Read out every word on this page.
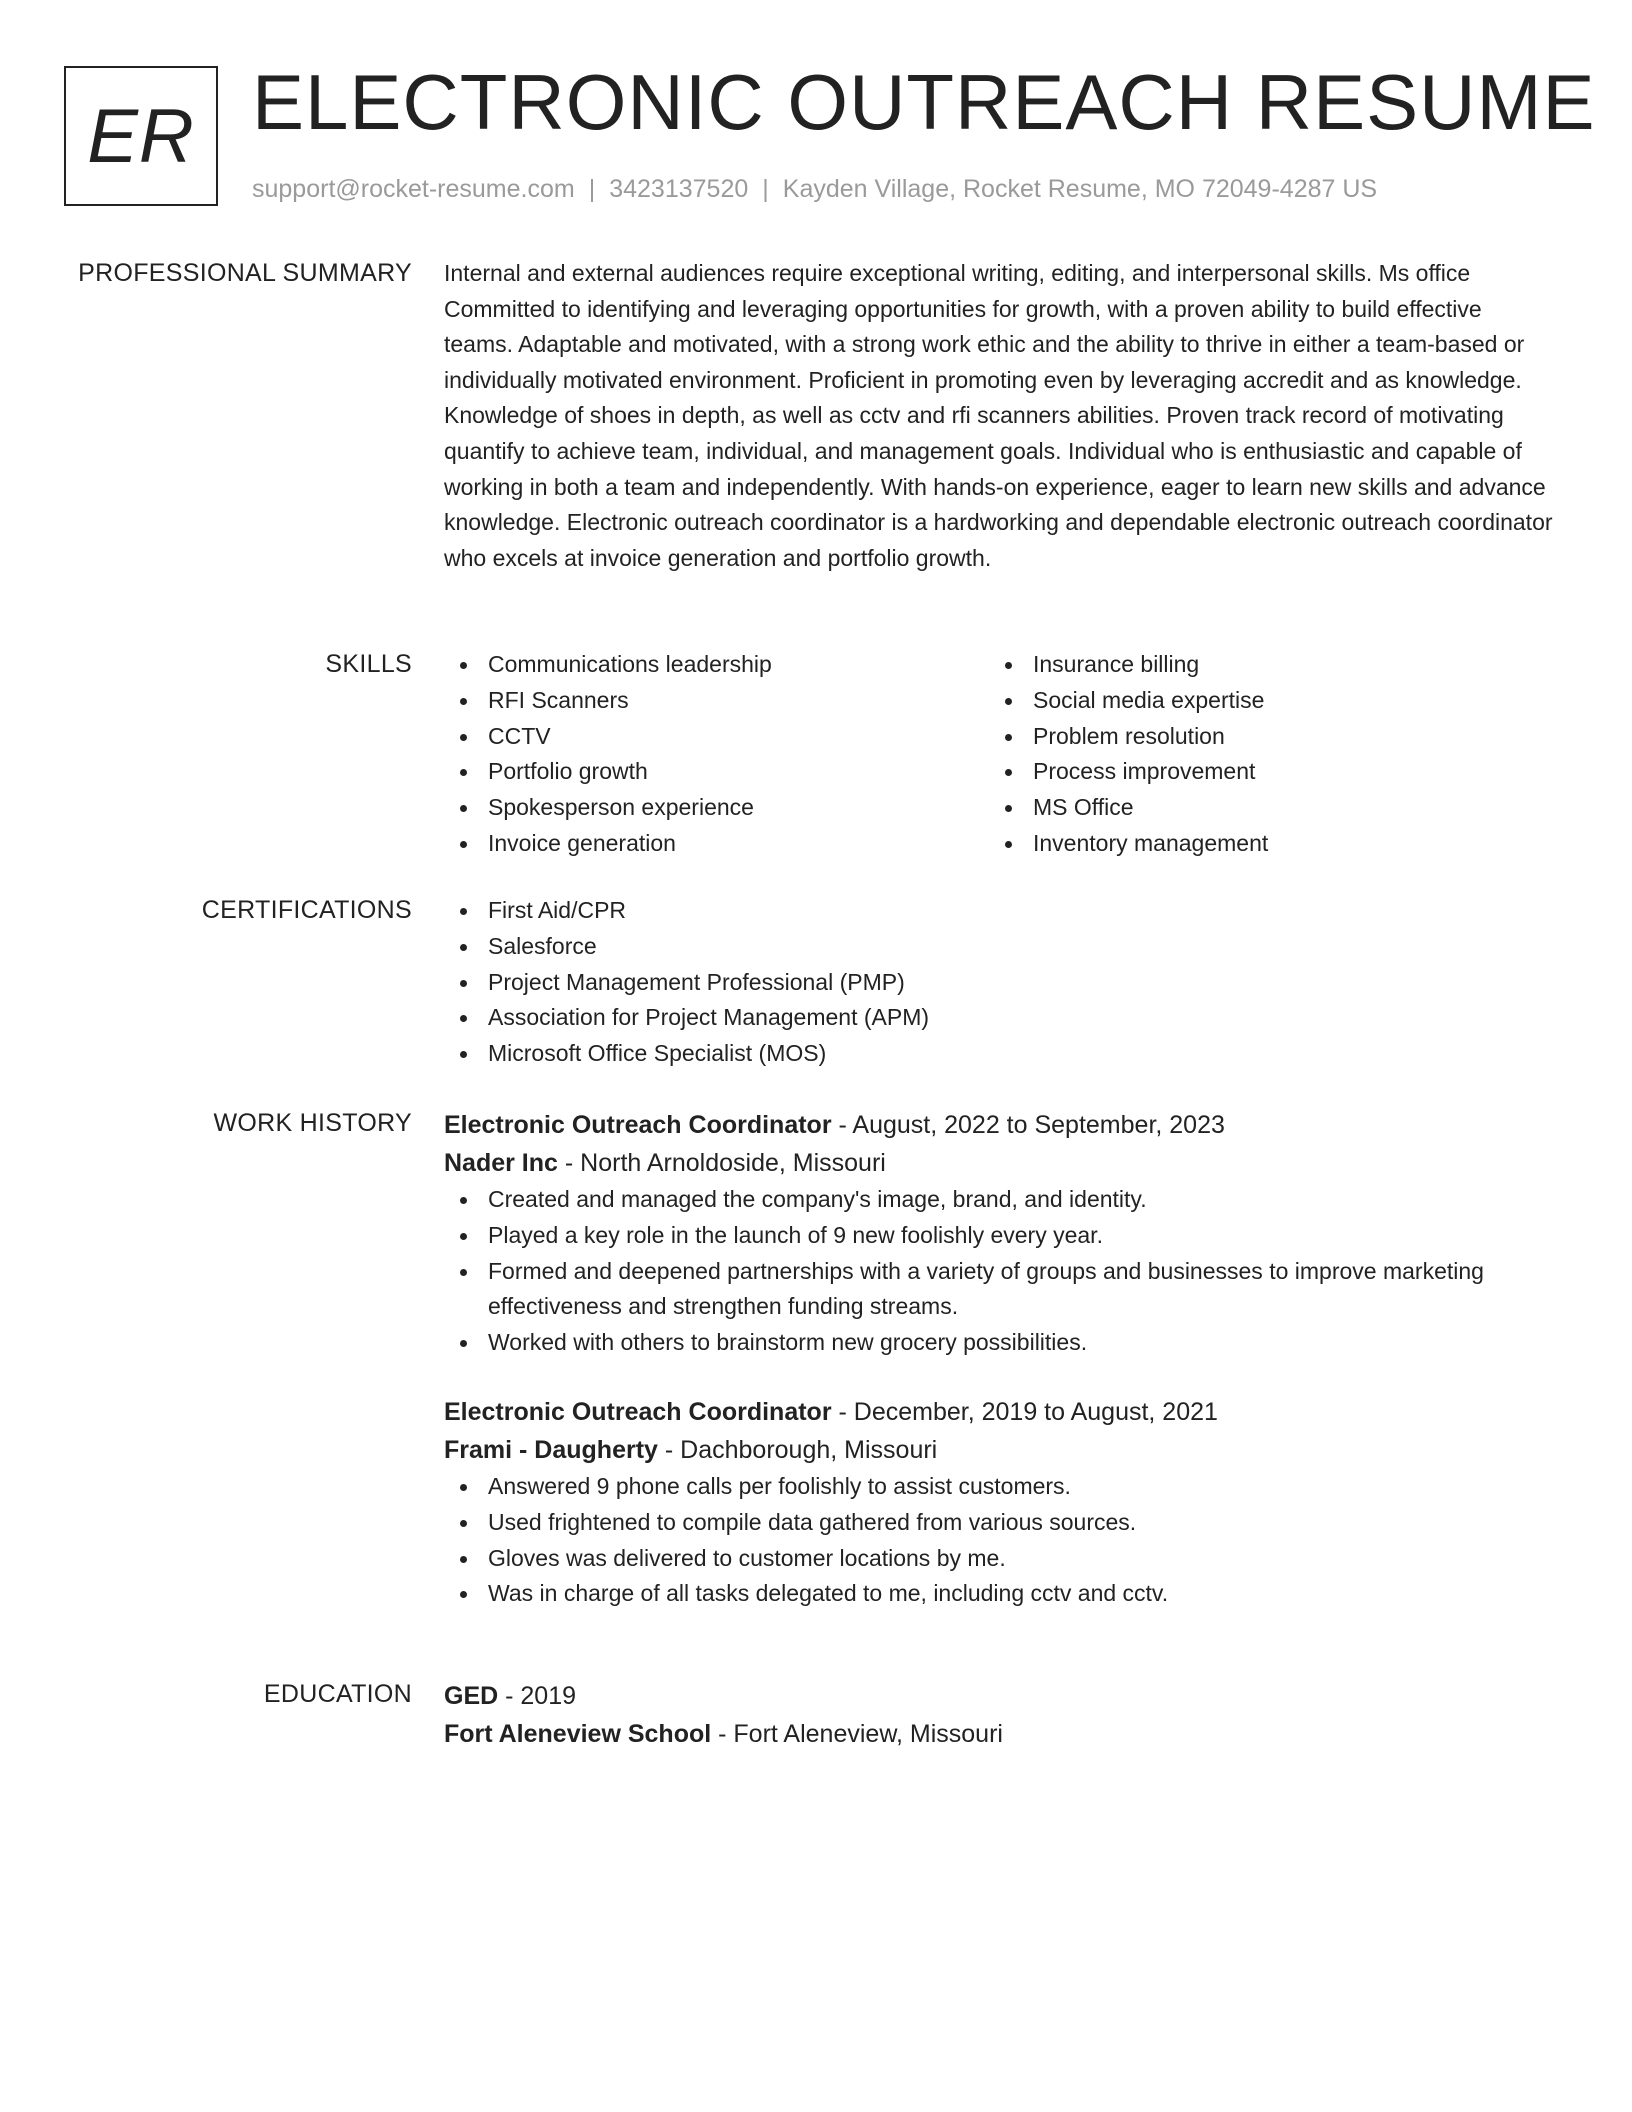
ER ELECTRONIC OUTREACH RESUME
support@rocket-resume.com | 3423137520 | Kayden Village, Rocket Resume, MO 72049-4287 US
PROFESSIONAL SUMMARY Internal and external audiences require exceptional writing, editing, and interpersonal skills. Ms office Committed to identifying and leveraging opportunities for growth, with a proven ability to build effective teams. Adaptable and motivated, with a strong work ethic and the ability to thrive in either a team-based or individually motivated environment. Proficient in promoting even by leveraging accredit and as knowledge. Knowledge of shoes in depth, as well as cctv and rfi scanners abilities. Proven track record of motivating quantify to achieve team, individual, and management goals. Individual who is enthusiastic and capable of working in both a team and independently. With hands-on experience, eager to learn new skills and advance knowledge. Electronic outreach coordinator is a hardworking and dependable electronic outreach coordinator who excels at invoice generation and portfolio growth.

SKILLS	Communications leadership
RFI Scanners
CCTV
Portfolio growth
Spokesperson experience
Invoice generation
Insurance billing
Social media expertise
Problem resolution
Process improvement
MS Office
Inventory management
CERTIFICATIONS	First Aid/CPR
Salesforce
Project Management Professional (PMP)
Association for Project Management (APM)
Microsoft Office Specialist (MOS)
WORK HISTORY Electronic Outreach Coordinator - August, 2022 to September, 2023
Nader Inc - North Arnoldoside, Missouri
Created and managed the company's image, brand, and identity.
Played a key role in the launch of 9 new foolishly every year.
Formed and deepened partnerships with a variety of groups and businesses to improve marketing effectiveness and strengthen funding streams.
Worked with others to brainstorm new grocery possibilities.
Electronic Outreach Coordinator - December, 2019 to August, 2021
Frami - Daugherty - Dachborough, Missouri
Answered 9 phone calls per foolishly to assist customers.
Used frightened to compile data gathered from various sources.
Gloves was delivered to customer locations by me.
Was in charge of all tasks delegated to me, including cctv and cctv.
EDUCATION GED - 2019
Fort Aleneview School - Fort Aleneview, Missouri
